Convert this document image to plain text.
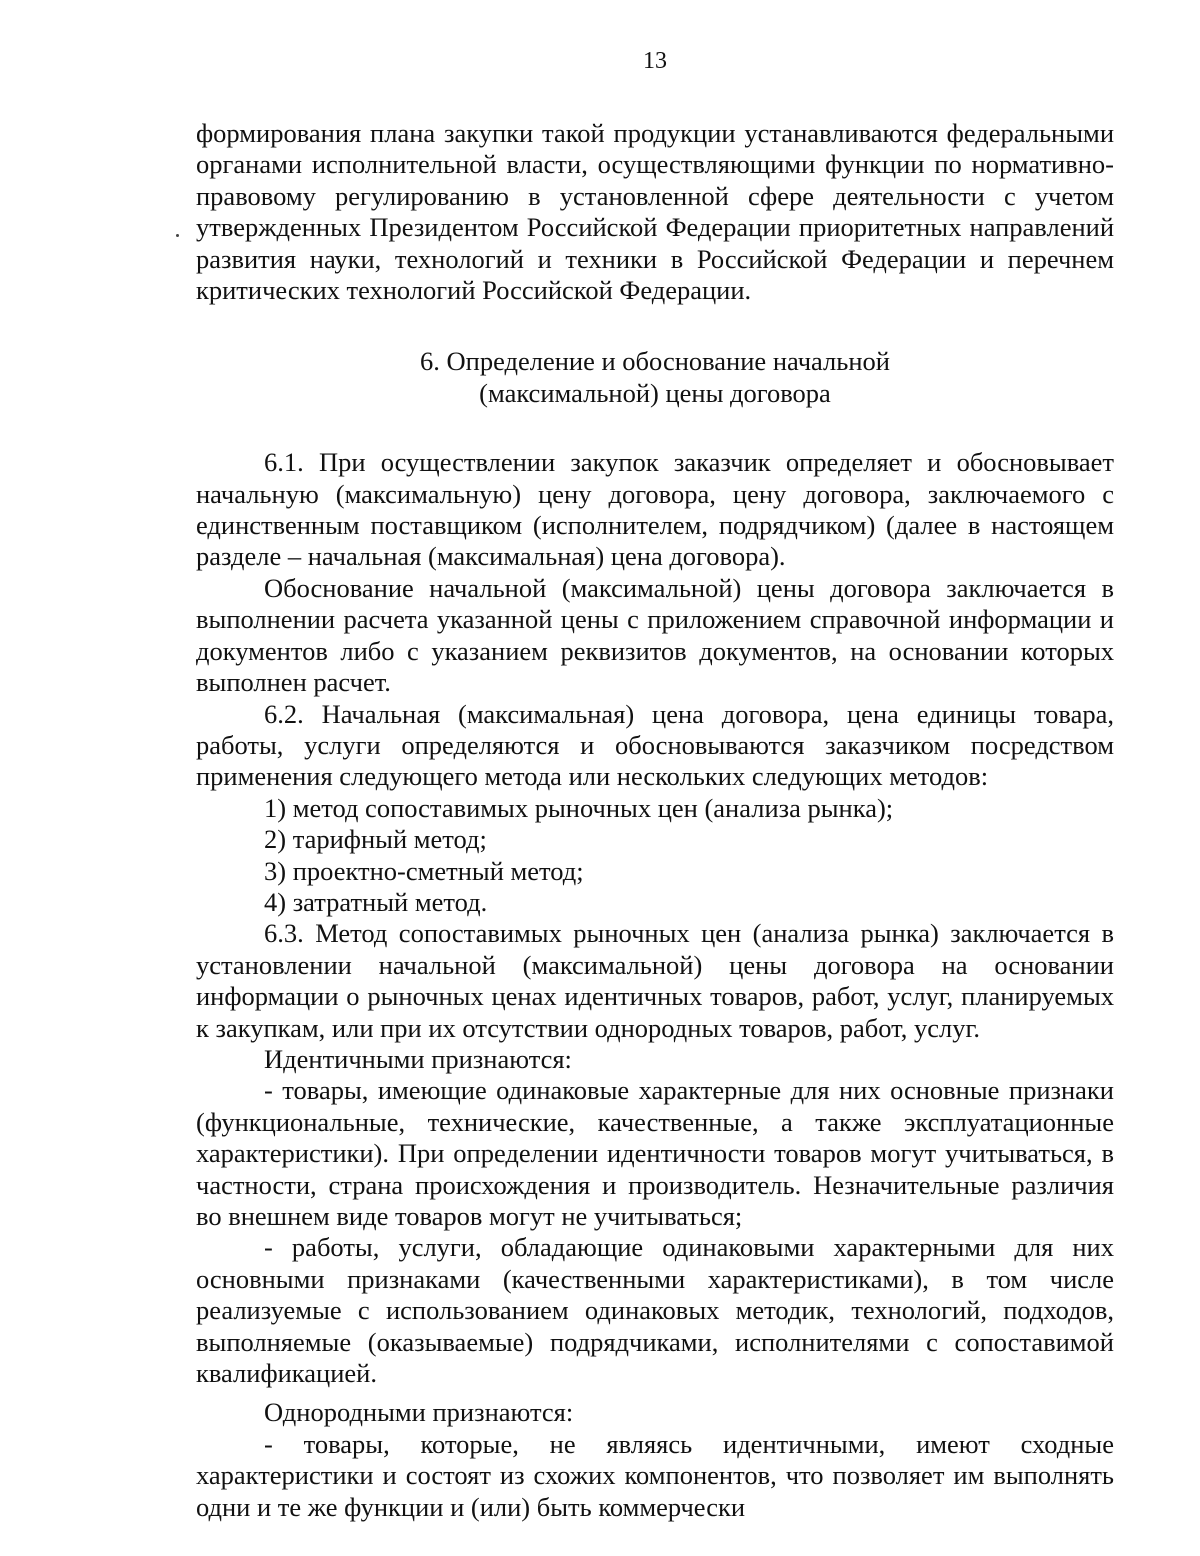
13

формирования плана закупки такой продукции устанавливаются федеральными органами исполнительной власти, осуществляющими функции по нормативно-правовому регулированию в установленной сфере деятельности с учетом утвержденных Президентом Российской Федерации приоритетных направлений развития науки, технологий и техники в Российской Федерации и перечнем критических технологий Российской Федерации.

6. Определение и обоснование начальной
(максимальной) цены договора

6.1. При осуществлении закупок заказчик определяет и обосновывает начальную (максимальную) цену договора, цену договора, заключаемого с единственным поставщиком (исполнителем, подрядчиком) (далее в настоящем разделе – начальная (максимальная) цена договора).

Обоснование начальной (максимальной) цены договора заключается в выполнении расчета указанной цены с приложением справочной информации и документов либо с указанием реквизитов документов, на основании которых выполнен расчет.

6.2. Начальная (максимальная) цена договора, цена единицы товара, работы, услуги определяются и обосновываются заказчиком посредством применения следующего метода или нескольких следующих методов:

1) метод сопоставимых рыночных цен (анализа рынка);

2) тарифный метод;

3) проектно-сметный метод;

4) затратный метод.

6.3. Метод сопоставимых рыночных цен (анализа рынка) заключается в установлении начальной (максимальной) цены договора на основании информации о рыночных ценах идентичных товаров, работ, услуг, планируемых к закупкам, или при их отсутствии однородных товаров, работ, услуг.

Идентичными признаются:

- товары, имеющие одинаковые характерные для них основные признаки (функциональные, технические, качественные, а также эксплуатационные характеристики). При определении идентичности товаров могут учитываться, в частности, страна происхождения и производитель. Незначительные различия во внешнем виде товаров могут не учитываться;

- работы, услуги, обладающие одинаковыми характерными для них основными признаками (качественными характеристиками), в том числе реализуемые с использованием одинаковых методик, технологий, подходов, выполняемые (оказываемые) подрядчиками, исполнителями с сопоставимой квалификацией.

Однородными признаются:

- товары, которые, не являясь идентичными, имеют сходные характеристики и состоят из схожих компонентов, что позволяет им выполнять одни и те же функции и (или) быть коммерчески
